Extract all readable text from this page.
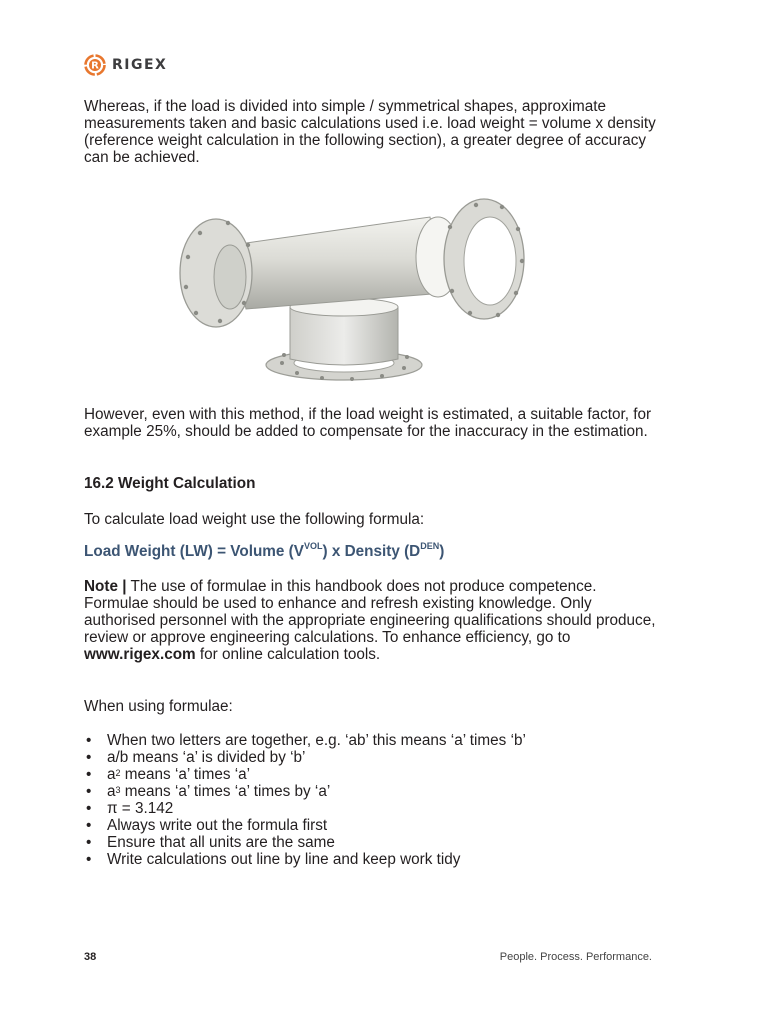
R RIGEX

Whereas, if the load is divided into simple / symmetrical shapes, approximate measurements taken and basic calculations used i.e. load weight = volume x density (reference weight calculation in the following section), a greater degree of accuracy can be achieved.

However, even with this method, if the load weight is estimated, a suitable factor, for example 25%, should be added to compensate for the inaccuracy in the estimation.

16.2 Weight Calculation

To calculate load weight use the following formula:

Load Weight (LW) = Volume $(V^{VOL})$ x Density $(D^{DEN})$

Note | The use of formulae in this handbook does not produce competence. Formulae should be used to enhance and refresh existing knowledge. Only authorised personnel with the appropriate engineering qualifications should produce, review or approve engineering calculations. To enhance efficiency, go to www.rigex.com for online calculation tools.

When using formulae:

• When two letters are together, e.g. ‘ab’ this means ‘a’ times ‘b’
• a/b means ‘a’ is divided by ‘b’
• $a^2$ means ‘a’ times ‘a’
• $a^3$ means ‘a’ times ‘a’ times by ‘a’
• π = 3.142
• Always write out the formula first
• Ensure that all units are the same
• Write calculations out line by line and keep work tidy
38	People. Process. Performance.
